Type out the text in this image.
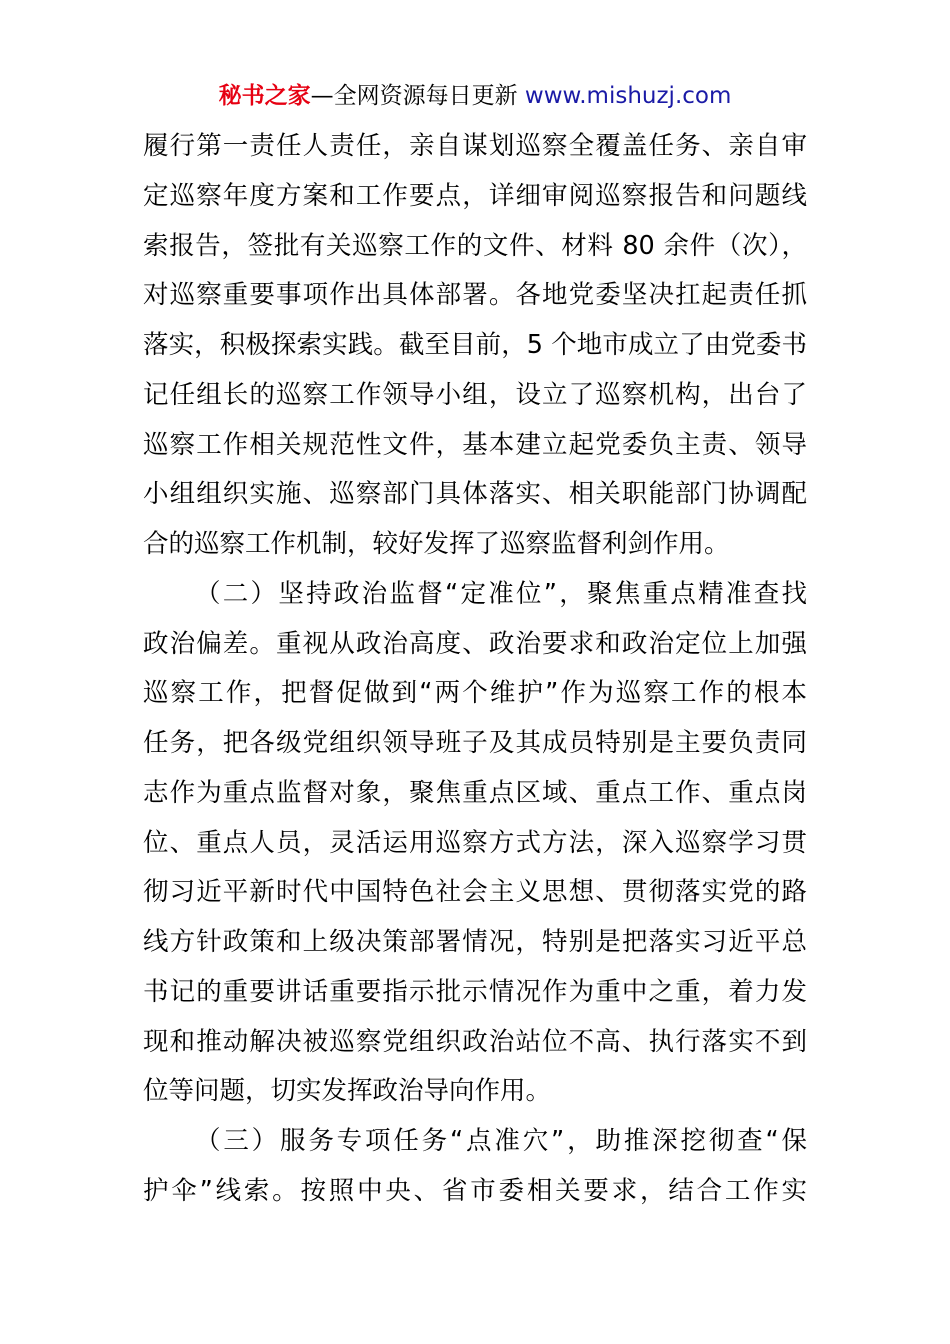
秘书之家—全网资源每日更新 www.mishuzj.com
履行第一责任人责任，亲自谋划巡察全覆盖任务、亲自审
定巡察年度方案和工作要点，详细审阅巡察报告和问题线
索报告，签批有关巡察工作的文件、材料 80 余件（次），
对巡察重要事项作出具体部署。各地党委坚决扛起责任抓
落实，积极探索实践。截至目前，5 个地市成立了由党委书
记任组长的巡察工作领导小组，设立了巡察机构，出台了
巡察工作相关规范性文件，基本建立起党委负主责、领导
小组组织实施、巡察部门具体落实、相关职能部门协调配
合的巡察工作机制，较好发挥了巡察监督利剑作用。
（二）坚持政治监督“定准位”，聚焦重点精准查找
政治偏差。重视从政治高度、政治要求和政治定位上加强
巡察工作，把督促做到“两个维护”作为巡察工作的根本
任务，把各级党组织领导班子及其成员特别是主要负责同
志作为重点监督对象，聚焦重点区域、重点工作、重点岗
位、重点人员，灵活运用巡察方式方法，深入巡察学习贯
彻习近平新时代中国特色社会主义思想、贯彻落实党的路
线方针政策和上级决策部署情况，特别是把落实习近平总
书记的重要讲话重要指示批示情况作为重中之重，着力发
现和推动解决被巡察党组织政治站位不高、执行落实不到
位等问题，切实发挥政治导向作用。
（三）服务专项任务“点准穴”，助推深挖彻查“保
护伞”线索。按照中央、省市委相关要求，结合工作实
